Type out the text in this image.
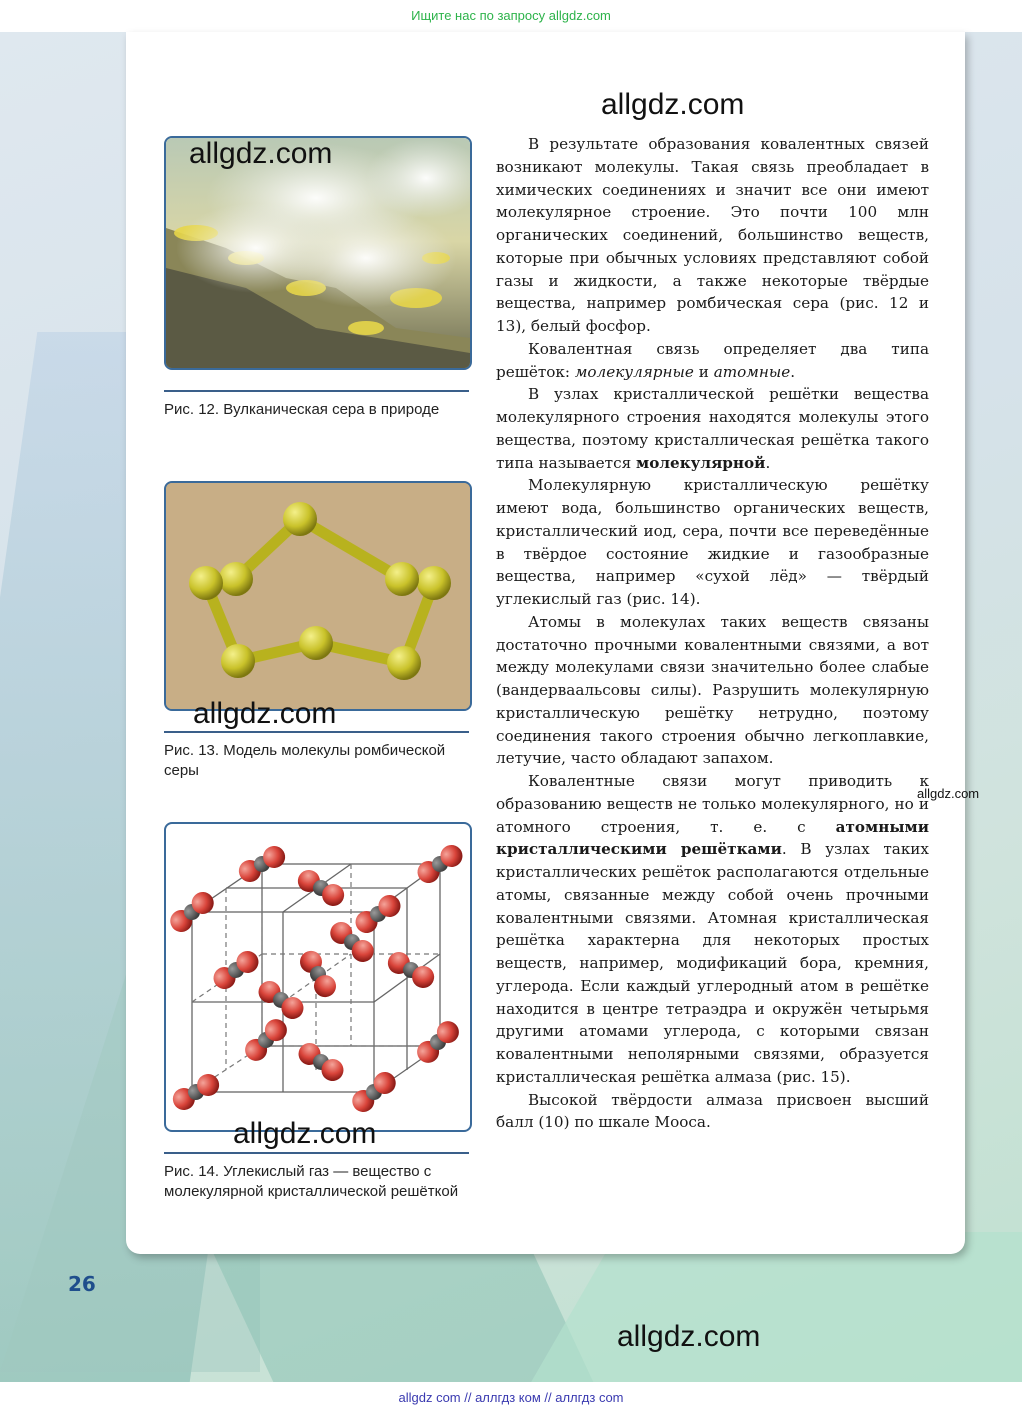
Ищите нас по запросу allgdz.com
allgdz.com
allgdz.com
Рис. 12. Вулканическая сера в природе
allgdz.com
Рис. 13. Модель молекулы ромбической серы
allgdz.com
Рис. 14. Углекислый газ — вещество с молекулярной кристаллической решёткой

В результате образования ковалентных связей возникают молекулы. Такая связь преобладает в химических соединениях и значит все они имеют молекулярное строение. Это почти 100 млн органических соединений, большинство веществ, которые при обычных условиях представляют собой газы и жидкости, а также некоторые твёрдые вещества, например ромбическая сера (рис. 12 и 13), белый фосфор.

Ковалентная связь определяет два типа решёток: молекулярные и атомные.

В узлах кристаллической решётки вещества молекулярного строения находятся молекулы этого вещества, поэтому кристаллическая решётка такого типа называется молекулярной.

Молекулярную кристаллическую решётку имеют вода, большинство органических веществ, кристаллический иод, сера, почти все переведённые в твёрдое состояние жидкие и газообразные вещества, например «сухой лёд» — твёрдый углекислый газ (рис. 14).

Атомы в молекулах таких веществ связаны достаточно прочными ковалентными связями, а вот между молекулами связи значительно более слабые (вандерваальсовы силы). Разрушить молекулярную кристаллическую решётку нетрудно, поэтому соединения такого строения обычно легкоплавкие, летучие, часто обладают запахом.

Ковалентные связи могут приводить к образованию веществ не только молекулярного, но и атомного строения, т. е. с атомными кристаллическими решётками. В узлах таких кристаллических решёток располагаются отдельные атомы, связанные между собой очень прочными ковалентными связями. Атомная кристаллическая решётка характерна для некоторых простых веществ, например, модификаций бора, кремния, углерода. Если каждый углеродный атом в решётке находится в центре тетраэдра и окружён четырьмя другими атомами углерода, с которыми связан ковалентными неполярными связями, образуется кристаллическая решётка алмаза (рис. 15).

Высокой твёрдости алмаза присвоен высший балл (10) по шкале Мооса.

allgdz.com
26
allgdz.com
allgdz com // аллгдз ком // аллгдз com
